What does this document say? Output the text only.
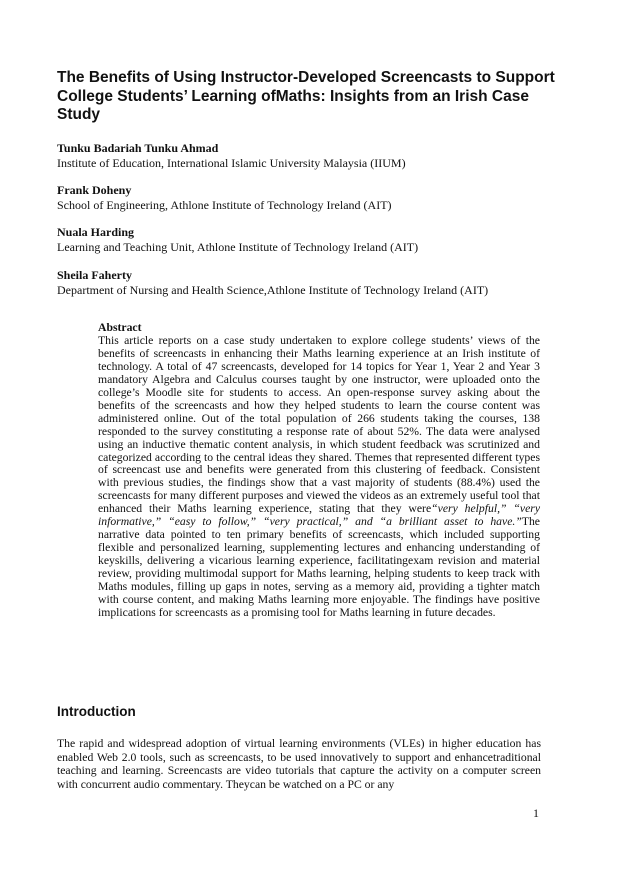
The Benefits of Using Instructor-Developed Screencasts to Support College Students’ Learning ofMaths: Insights from an Irish Case Study
Tunku Badariah Tunku Ahmad
Institute of Education, International Islamic University Malaysia (IIUM)
Frank Doheny
School of Engineering, Athlone Institute of Technology Ireland (AIT)
Nuala Harding
Learning and Teaching Unit, Athlone Institute of Technology Ireland (AIT)
Sheila Faherty
Department of Nursing and Health Science,Athlone Institute of Technology Ireland (AIT)
Abstract
This article reports on a case study undertaken to explore college students’ views of the benefits of screencasts in enhancing their Maths learning experience at an Irish institute of technology. A total of 47 screencasts, developed for 14 topics for Year 1, Year 2 and Year 3 mandatory Algebra and Calculus courses taught by one instructor, were uploaded onto the college’s Moodle site for students to access. An open-response survey asking about the benefits of the screencasts and how they helped students to learn the course content was administered online. Out of the total population of 266 students taking the courses, 138 responded to the survey constituting a response rate of about 52%. The data were analysed using an inductive thematic content analysis, in which student feedback was scrutinized and categorized according to the central ideas they shared. Themes that represented different types of screencast use and benefits were generated from this clustering of feedback. Consistent with previous studies, the findings show that a vast majority of students (88.4%) used the screencasts for many different purposes and viewed the videos as an extremely useful tool that enhanced their Maths learning experience, stating that they were“very helpful,” “very informative,” “easy to follow,” “very practical,” and “a brilliant asset to have.”The narrative data pointed to ten primary benefits of screencasts, which included supporting flexible and personalized learning, supplementing lectures and enhancing understanding of keyskills, delivering a vicarious learning experience, facilitatingexam revision and material review, providing multimodal support for Maths learning, helping students to keep track with Maths modules, filling up gaps in notes, serving as a memory aid, providing a tighter match with course content, and making Maths learning more enjoyable. The findings have positive implications for screencasts as a promising tool for Maths learning in future decades.
Introduction
The rapid and widespread adoption of virtual learning environments (VLEs) in higher education has enabled Web 2.0 tools, such as screencasts, to be used innovatively to support and enhancetraditional teaching and learning. Screencasts are video tutorials that capture the activity on a computer screen with concurrent audio commentary. Theycan be watched on a PC or any
1
